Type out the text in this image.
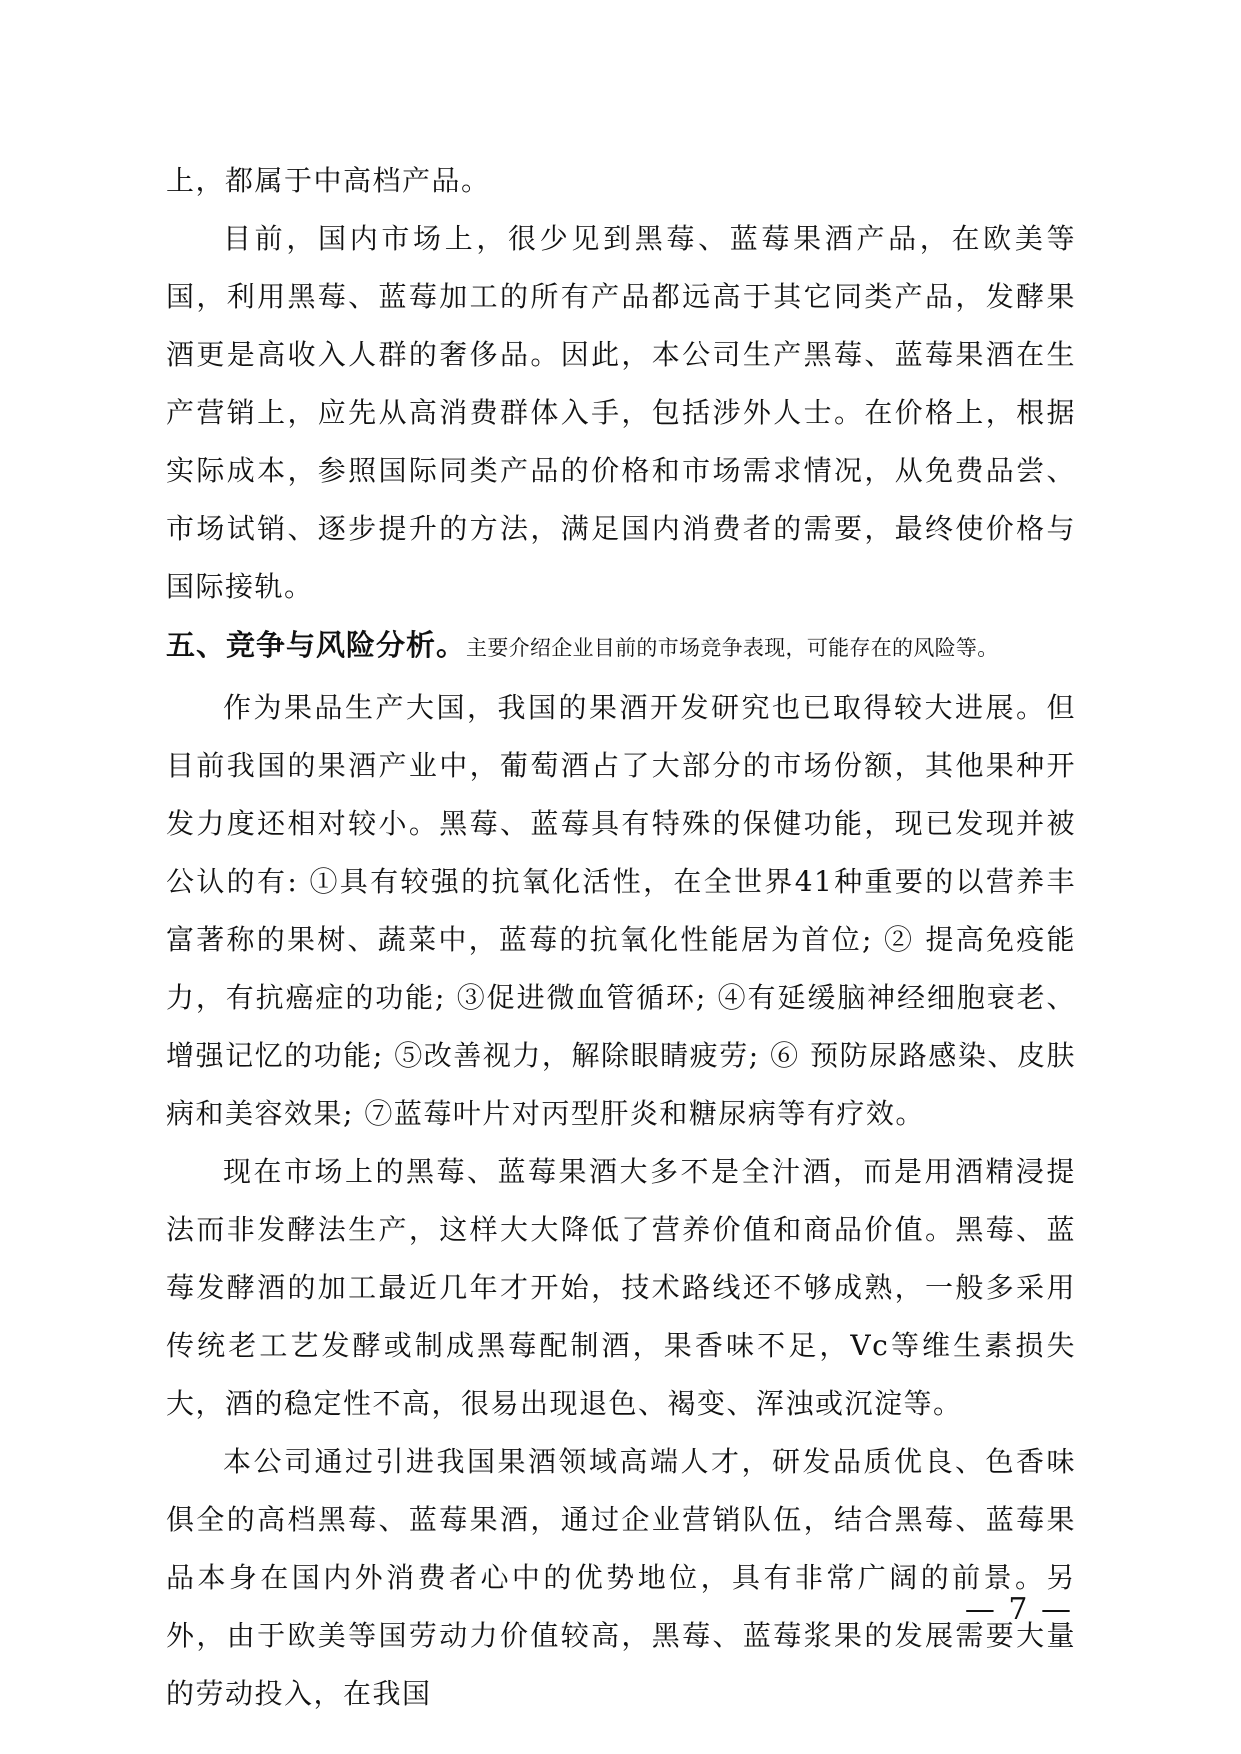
上，都属于中高档产品。

目前，国内市场上，很少见到黑莓、蓝莓果酒产品，在欧美等国，利用黑莓、蓝莓加工的所有产品都远高于其它同类产品，发酵果酒更是高收入人群的奢侈品。因此，本公司生产黑莓、蓝莓果酒在生产营销上，应先从高消费群体入手，包括涉外人士。在价格上，根据实际成本，参照国际同类产品的价格和市场需求情况，从免费品尝、市场试销、逐步提升的方法，满足国内消费者的需要，最终使价格与国际接轨。

五、竞争与风险分析。主要介绍企业目前的市场竞争表现，可能存在的风险等。

作为果品生产大国，我国的果酒开发研究也已取得较大进展。但目前我国的果酒产业中，葡萄酒占了大部分的市场份额，其他果种开发力度还相对较小。黑莓、蓝莓具有特殊的保健功能，现已发现并被公认的有: ①具有较强的抗氧化活性，在全世界41种重要的以营养丰富著称的果树、蔬菜中，蓝莓的抗氧化性能居为首位; ② 提高免疫能力，有抗癌症的功能; ③促进微血管循环; ④有延缓脑神经细胞衰老、增强记忆的功能; ⑤改善视力，解除眼睛疲劳; ⑥ 预防尿路感染、皮肤病和美容效果; ⑦蓝莓叶片对丙型肝炎和糖尿病等有疗效。

现在市场上的黑莓、蓝莓果酒大多不是全汁酒，而是用酒精浸提法而非发酵法生产，这样大大降低了营养价值和商品价值。黑莓、蓝莓发酵酒的加工最近几年才开始，技术路线还不够成熟，一般多采用传统老工艺发酵或制成黑莓配制酒，果香味不足，Vc等维生素损失大，酒的稳定性不高，很易出现退色、褐变、浑浊或沉淀等。

本公司通过引进我国果酒领域高端人才，研发品质优良、色香味俱全的高档黑莓、蓝莓果酒，通过企业营销队伍，结合黑莓、蓝莓果品本身在国内外消费者心中的优势地位，具有非常广阔的前景。另外，由于欧美等国劳动力价值较高，黑莓、蓝莓浆果的发展需要大量的劳动投入，在我国

— 7 —
